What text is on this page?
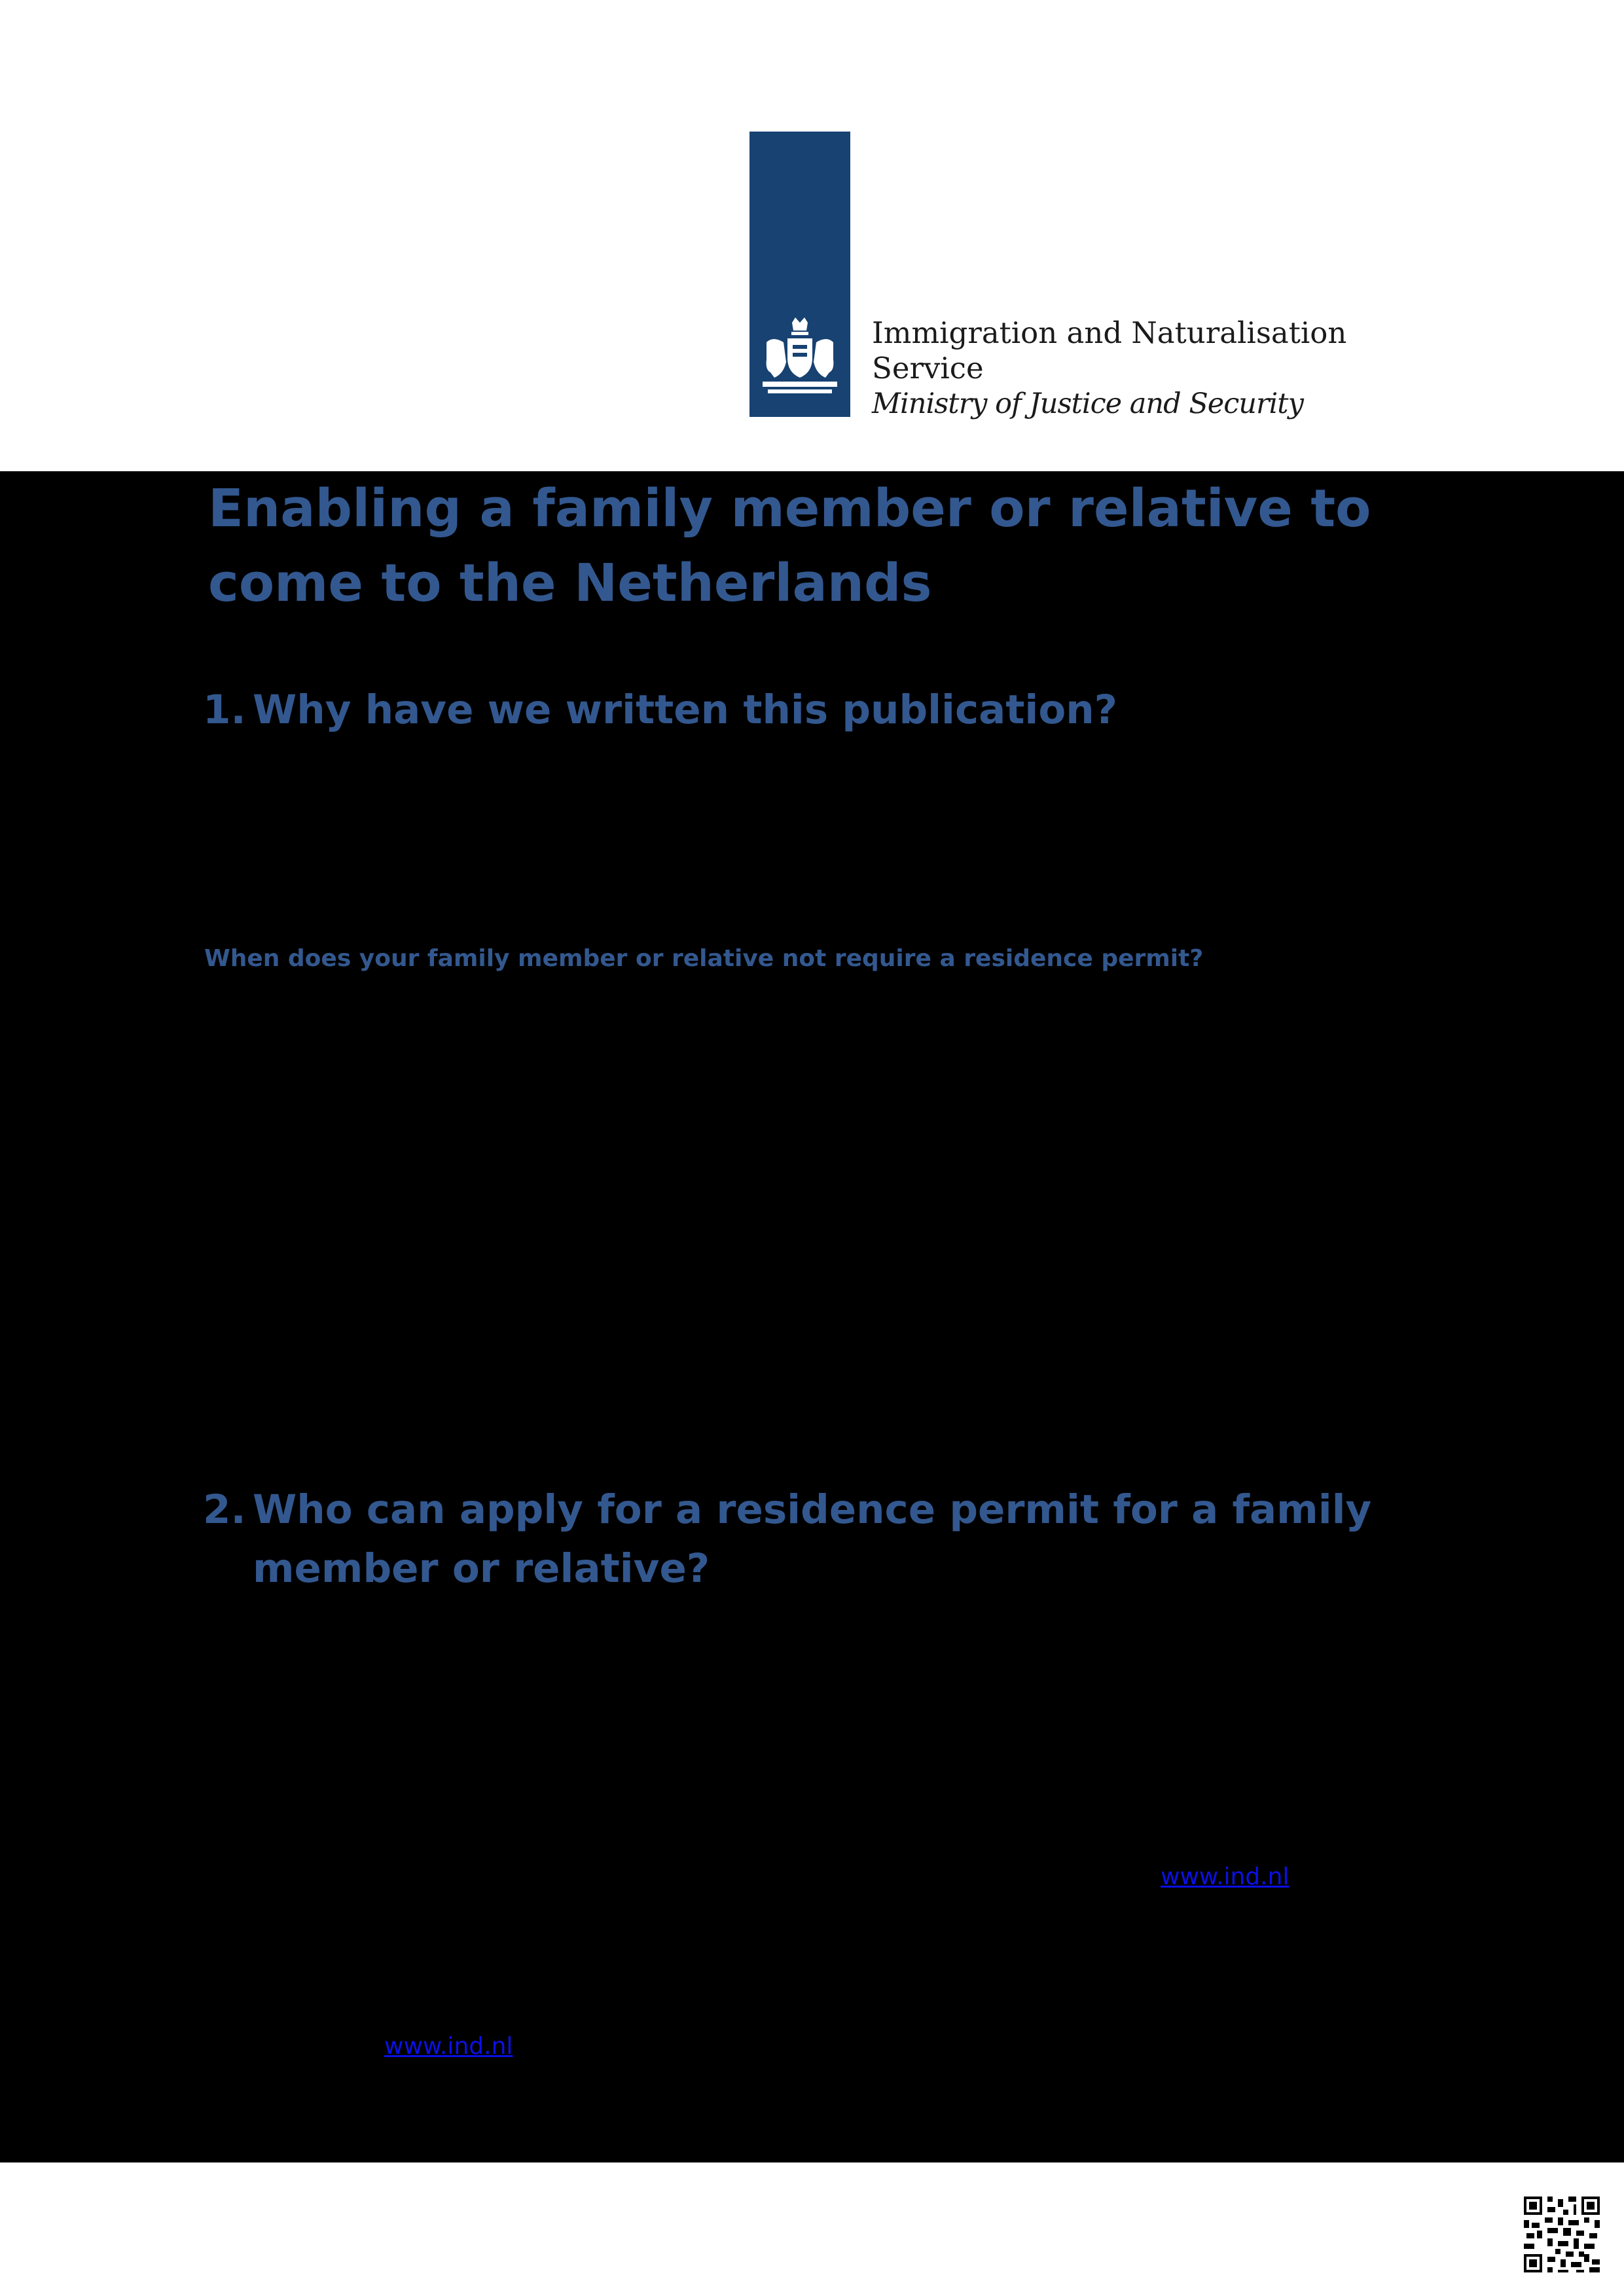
Immigration and Naturalisation
Service
Ministry of Justice and Security
Enabling a family member or relative to come to the Netherlands
1. Why have we written this publication?
When does your family member or relative not require a residence permit?
2. Who can apply for a residence permit for a family member or relative?
www.ind.nl
www.ind.nl
